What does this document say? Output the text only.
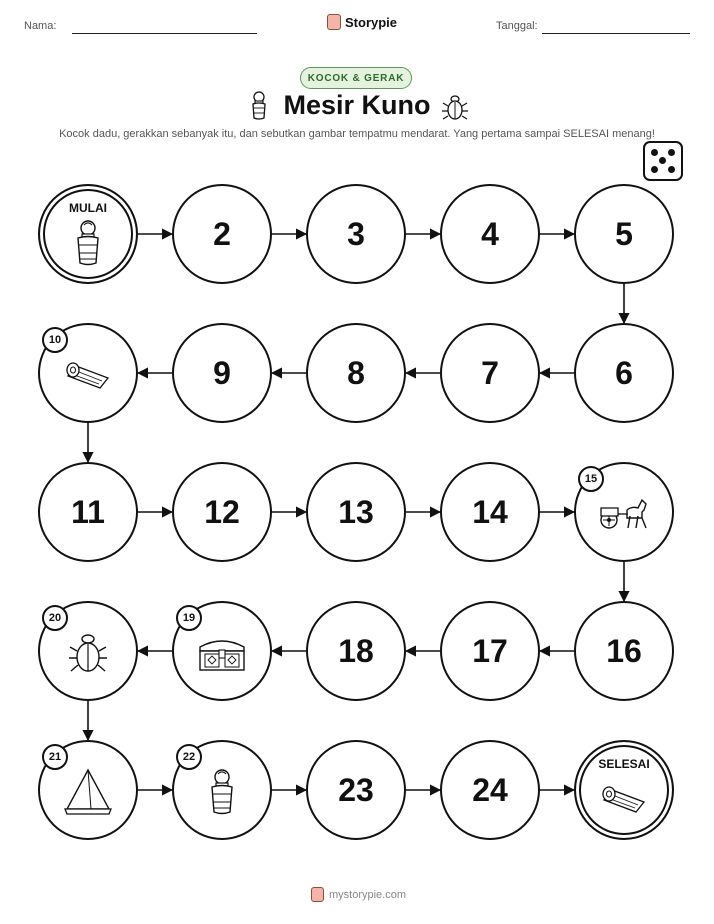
Nama:	Storypie	Tanggal:
KOCOK & GERAK
Mesir Kuno
Kocok dadu, gerakkan sebanyak itu, dan sebutkan gambar tempatmu mendarat. Yang pertama sampai SELESAI menang!
MULAI
2	3	4	5
10
9	8	7	6
11	12	13	14
15
20	19
18	17	16
21	22
23	24
SELESAI
mystorypie.com
